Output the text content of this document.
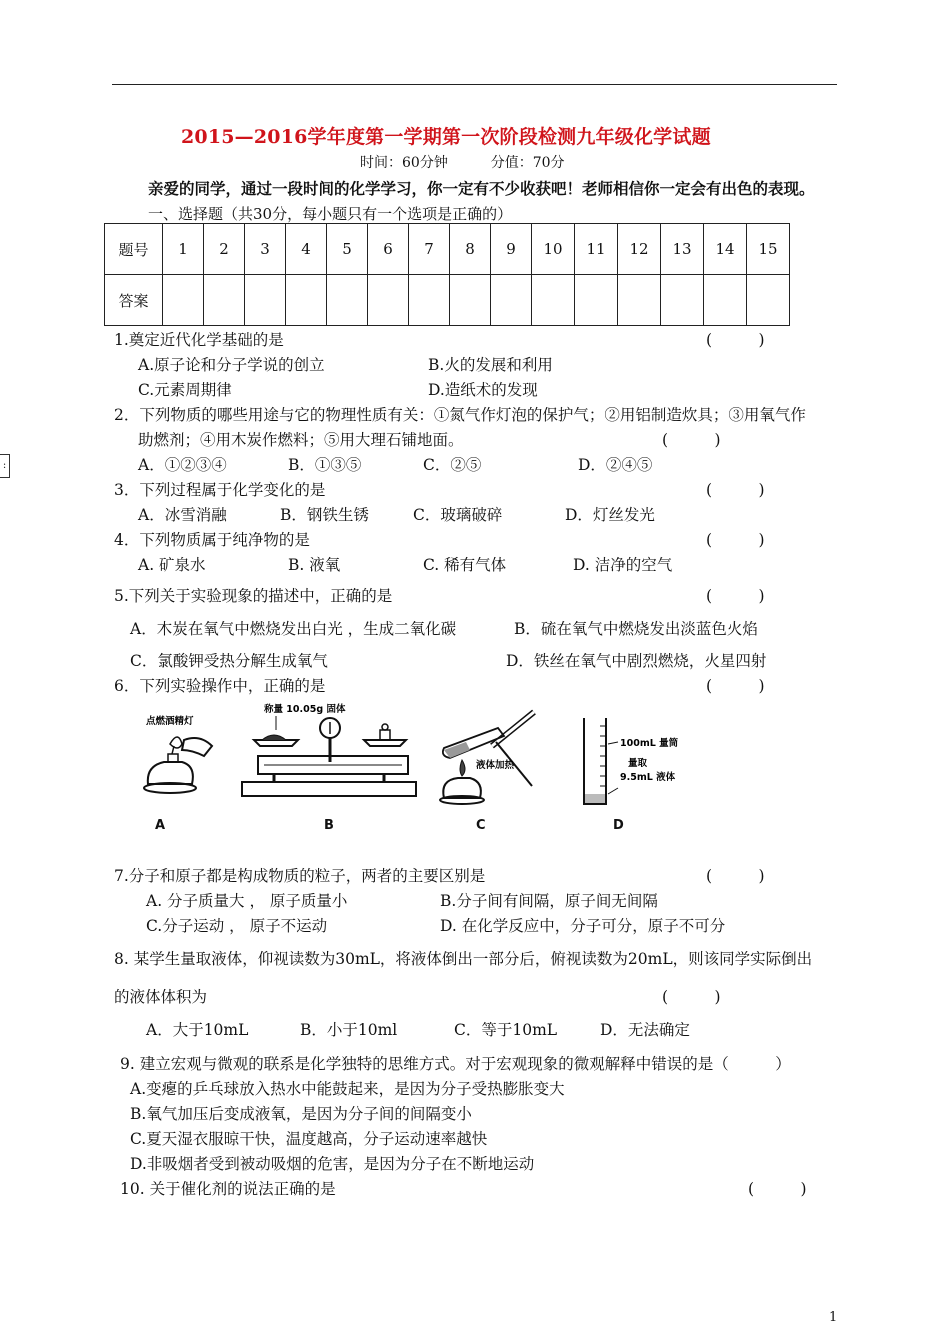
2015—2016学年度第一学期第一次阶段检测九年级化学试题
时间：60分钟	分值：70分
亲爱的同学，通过一段时间的化学学习，你一定有不少收获吧！老师相信你一定会有出色的表现。
一、选择题（共30分，每小题只有一个选项是正确的）
题号	1	2	3	4	5	6	7	8	9	10	11	12	13	14	15
答案															
:
1.奠定近代化学基础的是	(　　　)
A.原子论和分子学说的创立	B.火的发展和利用
C.元素周期律	D.造纸术的发现
2．下列物质的哪些用途与它的物理性质有关：①氮气作灯泡的保护气；②用铝制造炊具；③用氧气作
助燃剂；④用木炭作燃料；⑤用大理石铺地面。	(　　　)
A．①②③④	B．①③⑤	C．②⑤	D．②④⑤
3．下列过程属于化学变化的是	(　　　)
A．冰雪消融	B．钢铁生锈	C．玻璃破碎	D．灯丝发光
4．下列物质属于纯净物的是	(　　　)
A. 矿泉水	B. 液氧	C. 稀有气体	D. 洁净的空气
5.下列关于实验现象的描述中，正确的是	(　　　)
A．木炭在氧气中燃烧发出白光 ，生成二氧化碳	B．硫在氧气中燃烧发出淡蓝色火焰
C．氯酸钾受热分解生成氧气	D．铁丝在氧气中剧烈燃烧，火星四射
6．下列实验操作中，正确的是	(　　　)
点燃酒精灯
称量 10.05g 固体
液体加热
100mL 量筒
量取
9.5mL 液体
A	B	C	D
7.分子和原子都是构成物质的粒子，两者的主要区别是	(　　　)
A. 分子质量大 ， 原子质量小	B.分子间有间隔，原子间无间隔
C.分子运动 ， 原子不运动	D. 在化学反应中，分子可分，原子不可分
8. 某学生量取液体，仰视读数为30mL，将液体倒出一部分后，俯视读数为20mL，则该同学实际倒出
的液体体积为	(　　　)
A．大于10mL	B．小于10ml	C．等于10mL	D．无法确定
9. 建立宏观与微观的联系是化学独特的思维方式。对于宏观现象的微观解释中错误的是（　　　）
A.变瘪的乒乓球放入热水中能鼓起来，是因为分子受热膨胀变大
B.氧气加压后变成液氧，是因为分子间的间隔变小
C.夏天湿衣服晾干快，温度越高，分子运动速率越快
D.非吸烟者受到被动吸烟的危害，是因为分子在不断地运动
10. 关于催化剂的说法正确的是	(　　　)
1
